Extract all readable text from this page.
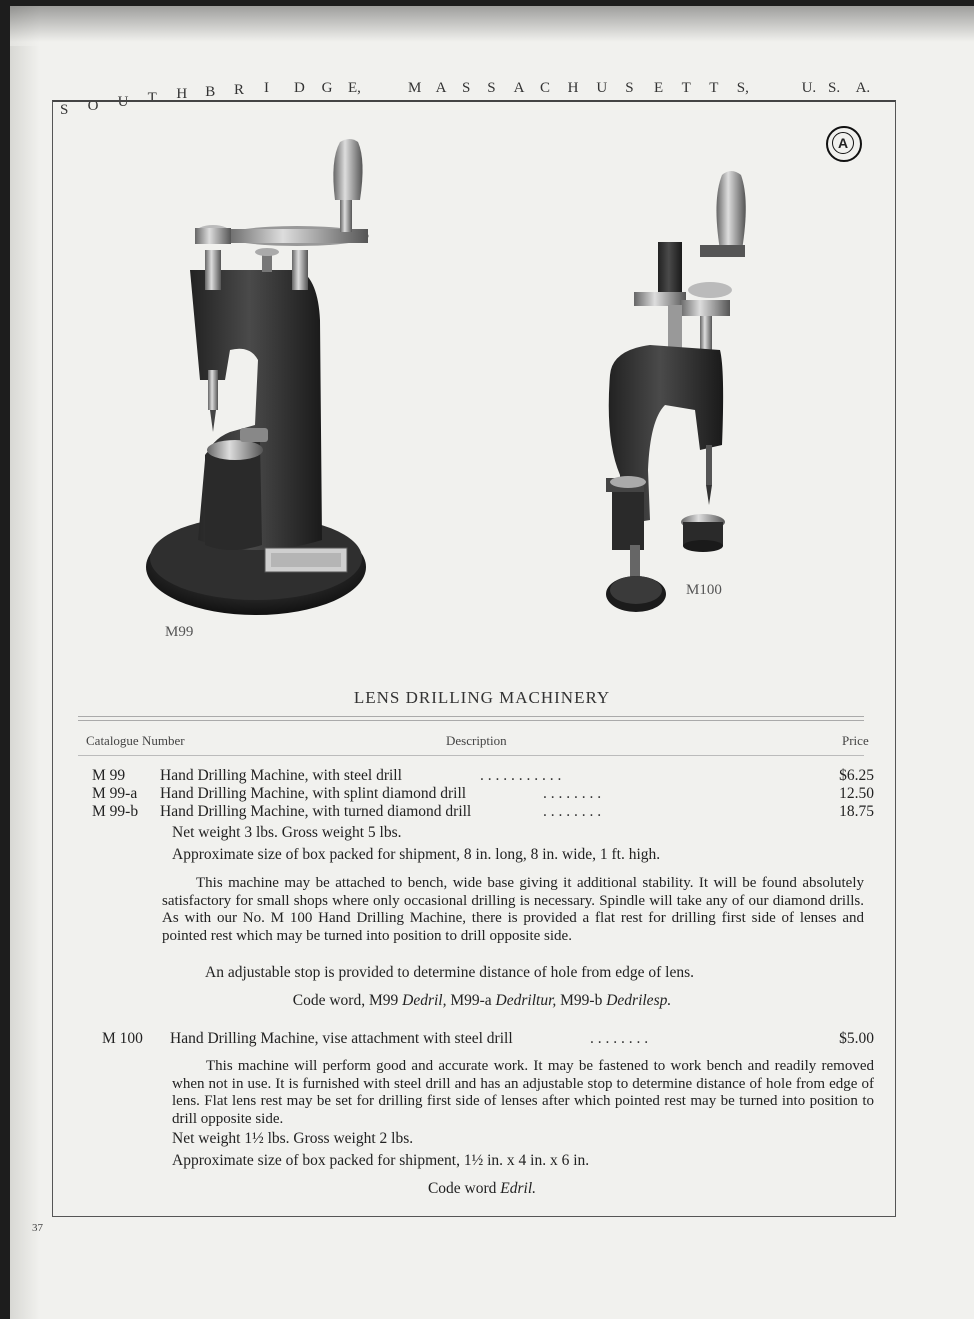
S O U T H B R I D G E,	M A S S A C H U S E T T S,	U. S. A.
A
M99
M100
LENS DRILLING MACHINERY
Catalogue Number	Description	Price
M 99 Hand Drilling Machine, with steel drill	. . . . . . . . . . .	$6.25
M 99-a Hand Drilling Machine, with splint diamond drill	. . . . . . . .	12.50
M 99-b Hand Drilling Machine, with turned diamond drill	. . . . . . . .	18.75
Net weight 3 lbs. Gross weight 5 lbs.
Approximate size of box packed for shipment, 8 in. long, 8 in. wide, 1 ft. high.
This machine may be attached to bench, wide base giving it additional stability. It will be found absolutely satisfactory for small shops where only occasional drilling is necessary. Spindle will take any of our diamond drills. As with our No. M 100 Hand Drilling Machine, there is provided a flat rest for drilling first side of lenses and pointed rest which may be turned into position to drill opposite side.
An adjustable stop is provided to determine distance of hole from edge of lens.
Code word, M99 Dedril, M99-a Dedriltur, M99-b Dedrilesp.
M 100 Hand Drilling Machine, vise attachment with steel drill	. . . . . . . .	$5.00
This machine will perform good and accurate work. It may be fastened to work bench and readily removed when not in use. It is furnished with steel drill and has an adjustable stop to determine distance of hole from edge of lens. Flat lens rest may be set for drilling first side of lenses after which pointed rest may be turned into position to drill opposite side.
Net weight 1½ lbs. Gross weight 2 lbs.
Approximate size of box packed for shipment, 1½ in. x 4 in. x 6 in.
Code word Edril.
37
